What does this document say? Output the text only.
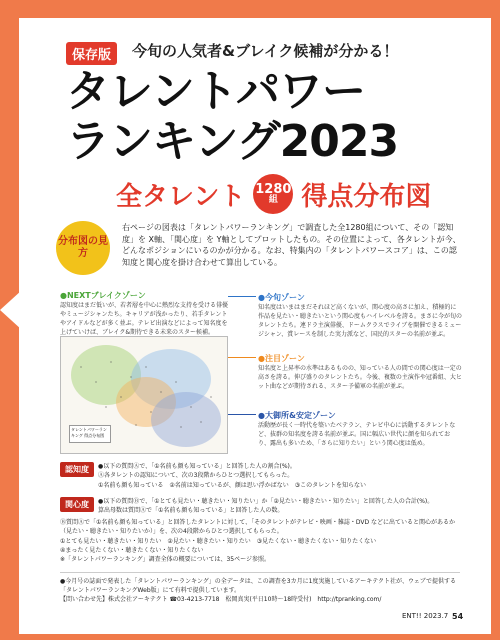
保存版	今旬の人気者&ブレイク候補が分かる！
タレントパワー
ランキング2023
全タレント 1280
組 得点分布図
分布図の見方
右ページの図表は「タレントパワーランキング」で調査した全1280組について、その「認知度」を X軸、「関心度」を Y軸としてプロットしたもの。その位置によって、各タレントが今、どんなポジションにいるのかが分かる。なお、特集内の「タレントパワースコア」は、この認知度と関心度を掛け合わせて算出している。
●NEXTブレイクゾーン
認知度はまだ低いが、若者層を中心に熱烈な支持を受ける俳優やミュージシャンたち。キャリアが浅かったり、若手タレントやアイドルなどが多く並ぶ。テレビ出演などによって知名度を上げていけば、ブレイク&期待できる未来のスター候補。
タレントパワーランキング 得点分布図
●今旬ゾーン
知名度はいまはまだそれほど高くないが、関心度の高さに加え、積極的に作品を見たい・聴きたいという関心度もハイレベルを誇る。まさに今が旬のタレントたち。連ドラ主演俳優、ドームクラスでライブを開催できるミュージシャン、賞レースを制した実力派など、国民的スターの名前が並ぶ。
●注目ゾーン
知名度と上昇率の水準はあるものの、知っている人の間での関心度は一定の高さを誇る。伸び盛りのタレントたち。今後、複数の主演作や冠番組、大ヒット曲などが期待される、スター予備軍の名前が並ぶ。
●大御所&安定ゾーン
活動歴が長く一時代を築いたベテラン、テレビ中心に活動するタレントなど、抜群の知名度を誇る名前が並ぶ。国に幅広い世代に顔を知られており、露出も多いため、「さらに知りたい」という関心度は低め。
認知度	●以下の質問Ⓐで、「①名前も顔も知っている」と回答した人の割合(%)。
Ⓐ各タレントの認知について、次の3段階からひとつ選択してもらった。
①名前も顔も知っている　②名前は知っているが、顔は思い浮かばない　③このタレントを知らない
関心度	●以下の質問Ⓑで、「①とても見たい・聴きたい・知りたい」か「②見たい・聴きたい・知りたい」と回答した人の合計(%)。
算出母数は質問Ⓐで「①名前も顔も知っている」と回答した人の数。
Ⓑ質問Ⓐで「①名前も顔も知っている」と回答したタレントに対して、「そのタレントがテレビ・映画・雑誌・DVD などに出ていると関心があるか（見たい・聴きたい・知りたいか）」を、次の4段階からひとつ選択してもらった。
①とても見たい・聴きたい・知りたい　②見たい・聴きたい・知りたい　③見たくない・聴きたくない・知りたくない
④まったく見たくない・聴きたくない・知りたくない
※「タレントパワーランキング」調査全体の概要については、35ページ参照。
●今月号の誌面で発表した「タレントパワーランキング」の全データは、この調査を3カ月に1度実施しているアーキテクト社が、ウェブで提供する「タレントパワーランキングWeb版」にて有料で提供しています。
【問い合わせ先】株式会社アーキテクト ☎03-4213-7718　松岡真実(平日10時～18時受付)　http://tpranking.com/
ENT!! 2023.7 54
